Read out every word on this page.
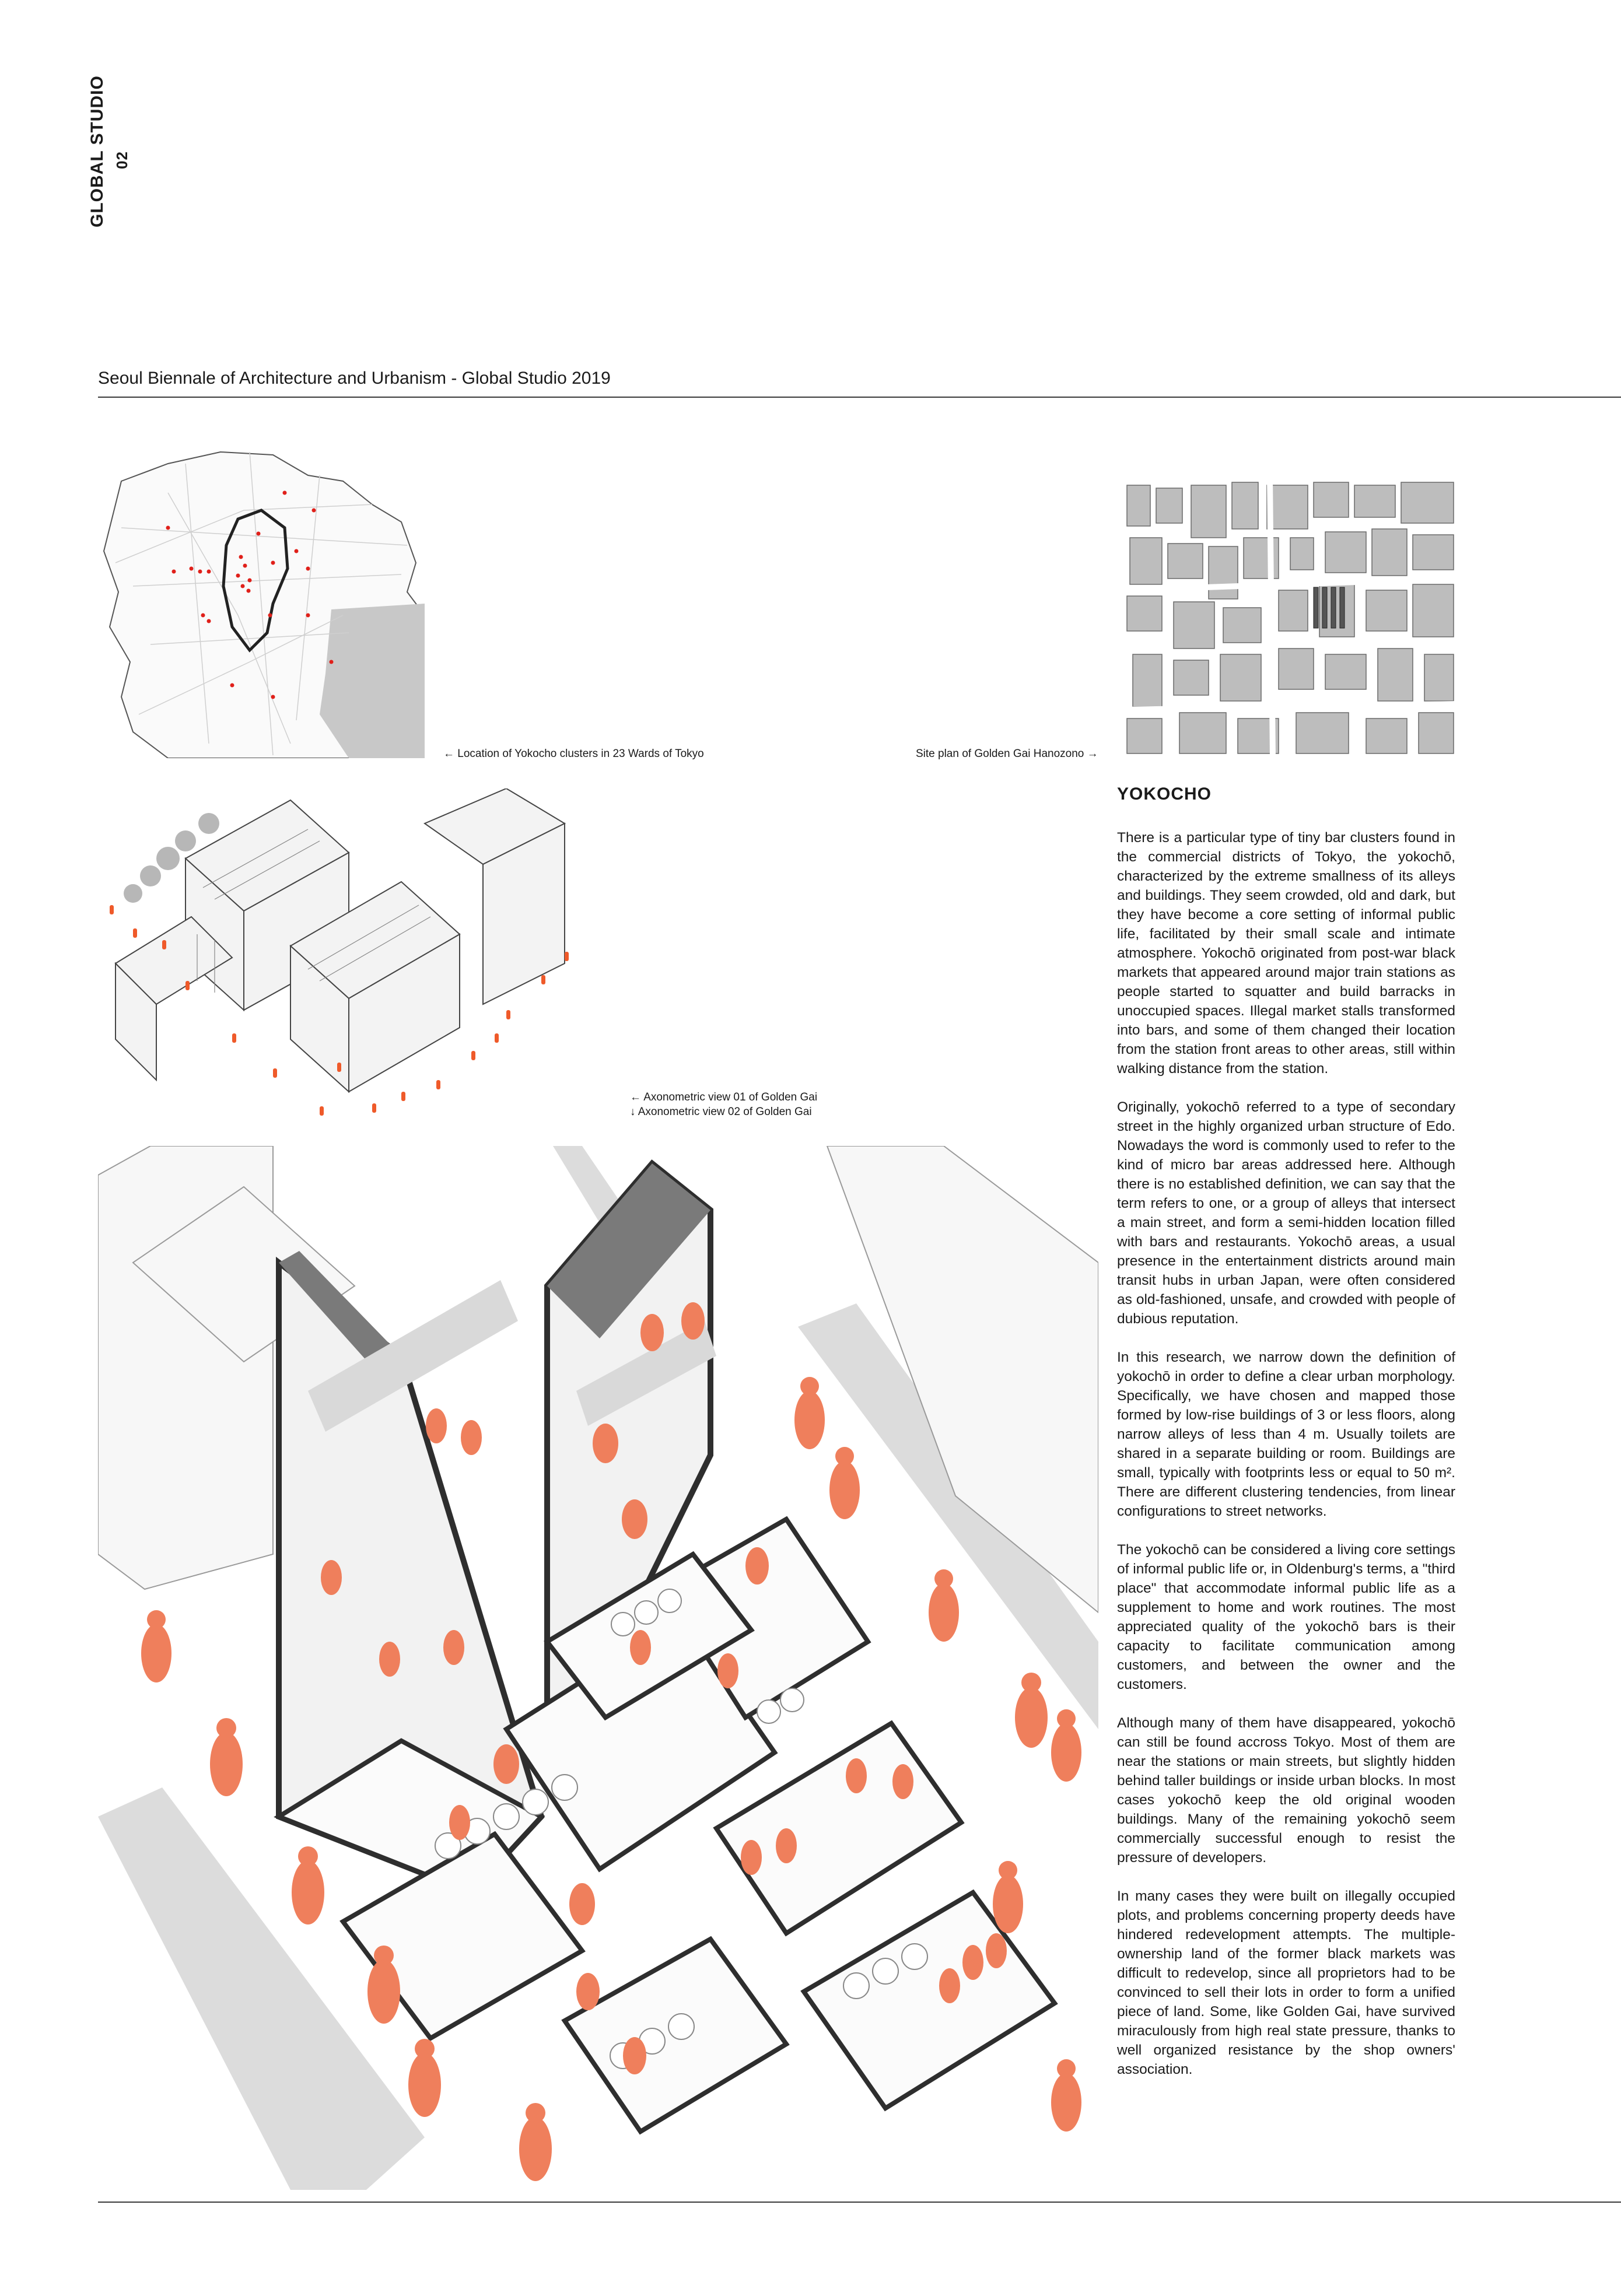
GLOBAL STUDIO 02
Seoul Biennale of Architecture and Urbanism - Global Studio 2019
← Location of Yokocho clusters in 23 Wards of Tokyo	Site plan of Golden Gai Hanozono →
← Axonometric view 01 of Golden Gai
↓ Axonometric view 02 of Golden Gai
YOKOCHO

There is a particular type of tiny bar clusters found in the commercial districts of Tokyo, the yokochō, characterized by the extreme smallness of its alleys and buildings. They seem crowded, old and dark, but they have become a core setting of informal public life, facilitated by their small scale and intimate atmosphere. Yokochō originated from post-war black markets that appeared around major train stations as people started to squatter and build barracks in unoccupied spaces. Illegal market stalls transformed into bars, and some of them changed their location from the station front areas to other areas, still within walking distance from the station.

Originally, yokochō referred to a type of secondary street in the highly organized urban structure of Edo. Nowadays the word is commonly used to refer to the kind of micro bar areas addressed here. Although there is no established definition, we can say that the term refers to one, or a group of alleys that intersect a main street, and form a semi-hidden location filled with bars and restaurants. Yokochō areas, a usual presence in the entertainment districts around main transit hubs in urban Japan, were often considered as old-fashioned, unsafe, and crowded with people of dubious reputation.

In this research, we narrow down the definition of yokochō in order to define a clear urban morphology. Specifically, we have chosen and mapped those formed by low-rise buildings of 3 or less floors, along narrow alleys of less than 4 m. Usually toilets are shared in a separate building or room. Buildings are small, typically with footprints less or equal to 50 m². There are different clustering tendencies, from linear configurations to street networks.

The yokochō can be considered a living core settings of informal public life or, in Oldenburg's terms, a "third place" that accommodate informal public life as a supplement to home and work routines. The most appreciated quality of the yokochō bars is their capacity to facilitate communication among customers, and between the owner and the customers.

Although many of them have disappeared, yokochō can still be found accross Tokyo. Most of them are near the stations or main streets, but slightly hidden behind taller buildings or inside urban blocks. In most cases yokochō keep the old original wooden buildings. Many of the remaining yokochō seem commercially successful enough to resist the pressure of developers.

In many cases they were built on illegally occupied plots, and problems concerning property deeds have hindered redevelopment attempts. The multiple-ownership land of the former black markets was difficult to redevelop, since all proprietors had to be convinced to sell their lots in order to form a unified piece of land. Some, like Golden Gai, have survived miraculously from high real state pressure, thanks to well organized resistance by the shop owners' association.
